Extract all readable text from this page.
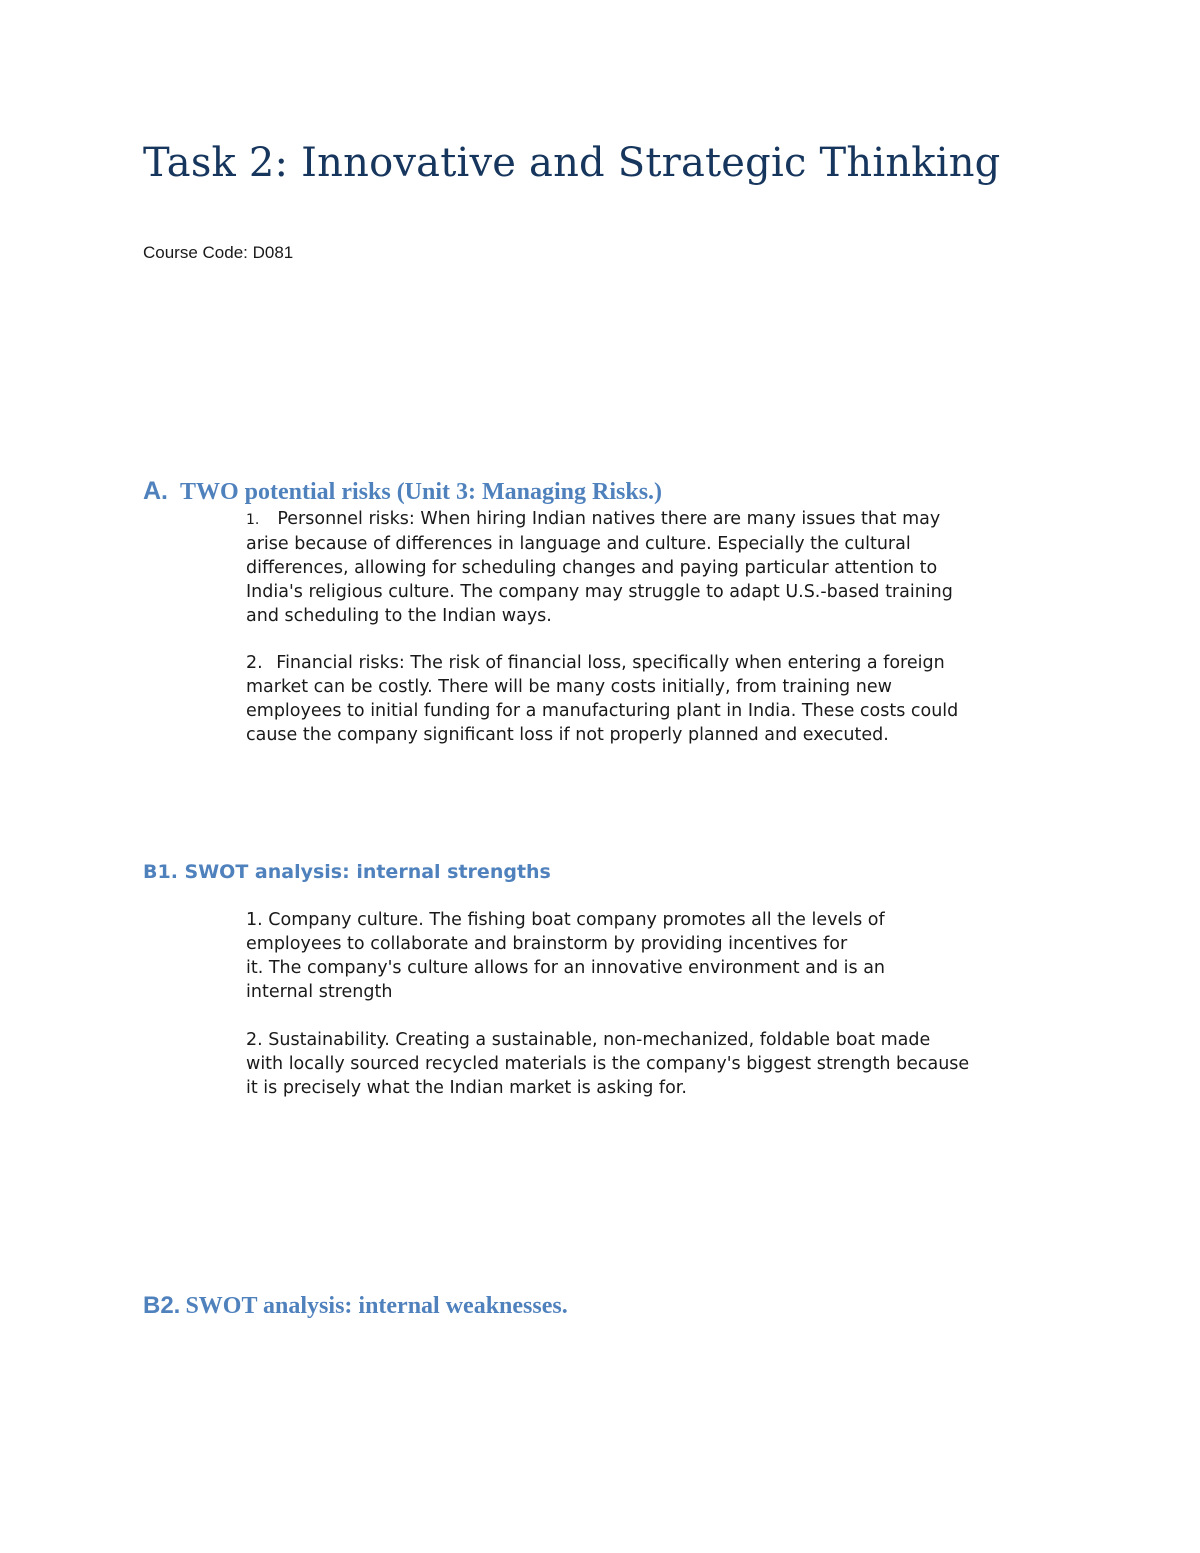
Task 2: Innovative and Strategic Thinking
Course Code: D081
A. TWO potential risks (Unit 3: Managing Risks.)
1. Personnel risks: When hiring Indian natives there are many issues that may
arise because of differences in language and culture. Especially the cultural
differences, allowing for scheduling changes and paying particular attention to
India's religious culture. The company may struggle to adapt U.S.-based training
and scheduling to the Indian ways.
2. Financial risks: The risk of financial loss, specifically when entering a foreign
market can be costly. There will be many costs initially, from training new
employees to initial funding for a manufacturing plant in India. These costs could
cause the company significant loss if not properly planned and executed.
B1. SWOT analysis: internal strengths
1. Company culture. The fishing boat company promotes all the levels of
employees to collaborate and brainstorm by providing incentives for
it. The company's culture allows for an innovative environment and is an
internal strength
2. Sustainability. Creating a sustainable, non-mechanized, foldable boat made
with locally sourced recycled materials is the company's biggest strength because
it is precisely what the Indian market is asking for.
B2. SWOT analysis: internal weaknesses.
